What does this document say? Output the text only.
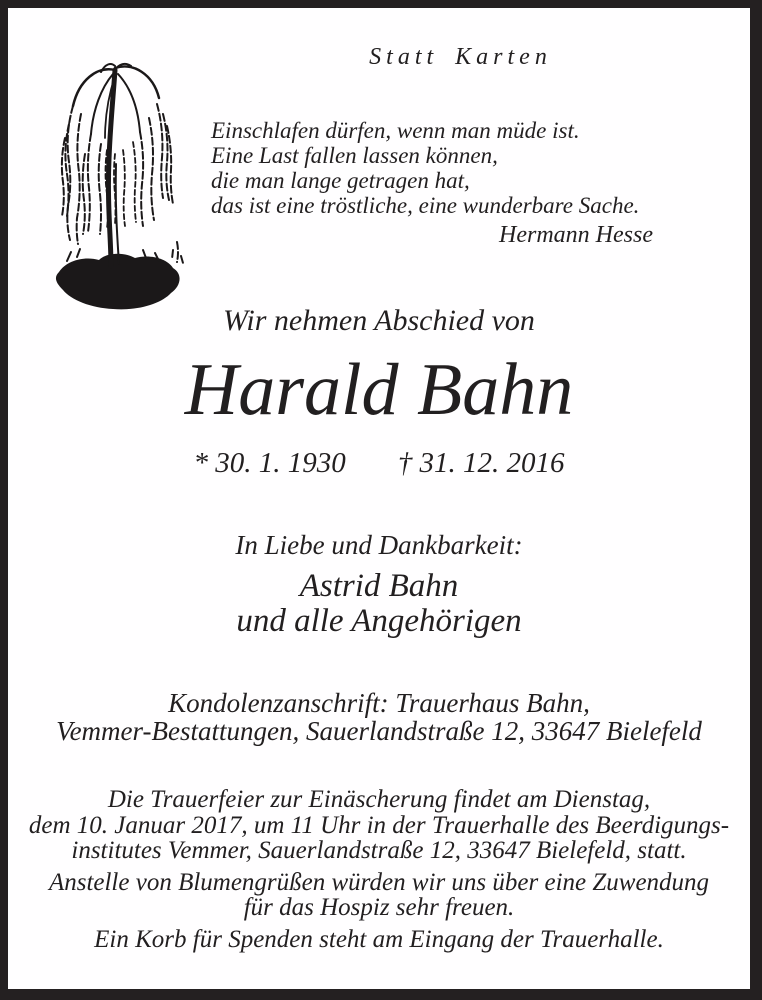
Statt Karten
Einschlafen dürfen, wenn man müde ist.
Eine Last fallen lassen können,
die man lange getragen hat,
das ist eine tröstliche, eine wunderbare Sache.
Hermann Hesse
Wir nehmen Abschied von
Harald Bahn
* 30. 1. 1930 † 31. 12. 2016
In Liebe und Dankbarkeit:
Astrid Bahn
und alle Angehörigen
Kondolenzanschrift: Trauerhaus Bahn,
Vemmer-Bestattungen, Sauerlandstraße 12, 33647 Bielefeld

Die Trauerfeier zur Einäscherung findet am Dienstag,
dem 10. Januar 2017, um 11 Uhr in der Trauerhalle des Beerdigungs-
institutes Vemmer, Sauerlandstraße 12, 33647 Bielefeld, statt.

Anstelle von Blumengrüßen würden wir uns über eine Zuwendung
für das Hospiz sehr freuen.

Ein Korb für Spenden steht am Eingang der Trauerhalle.
